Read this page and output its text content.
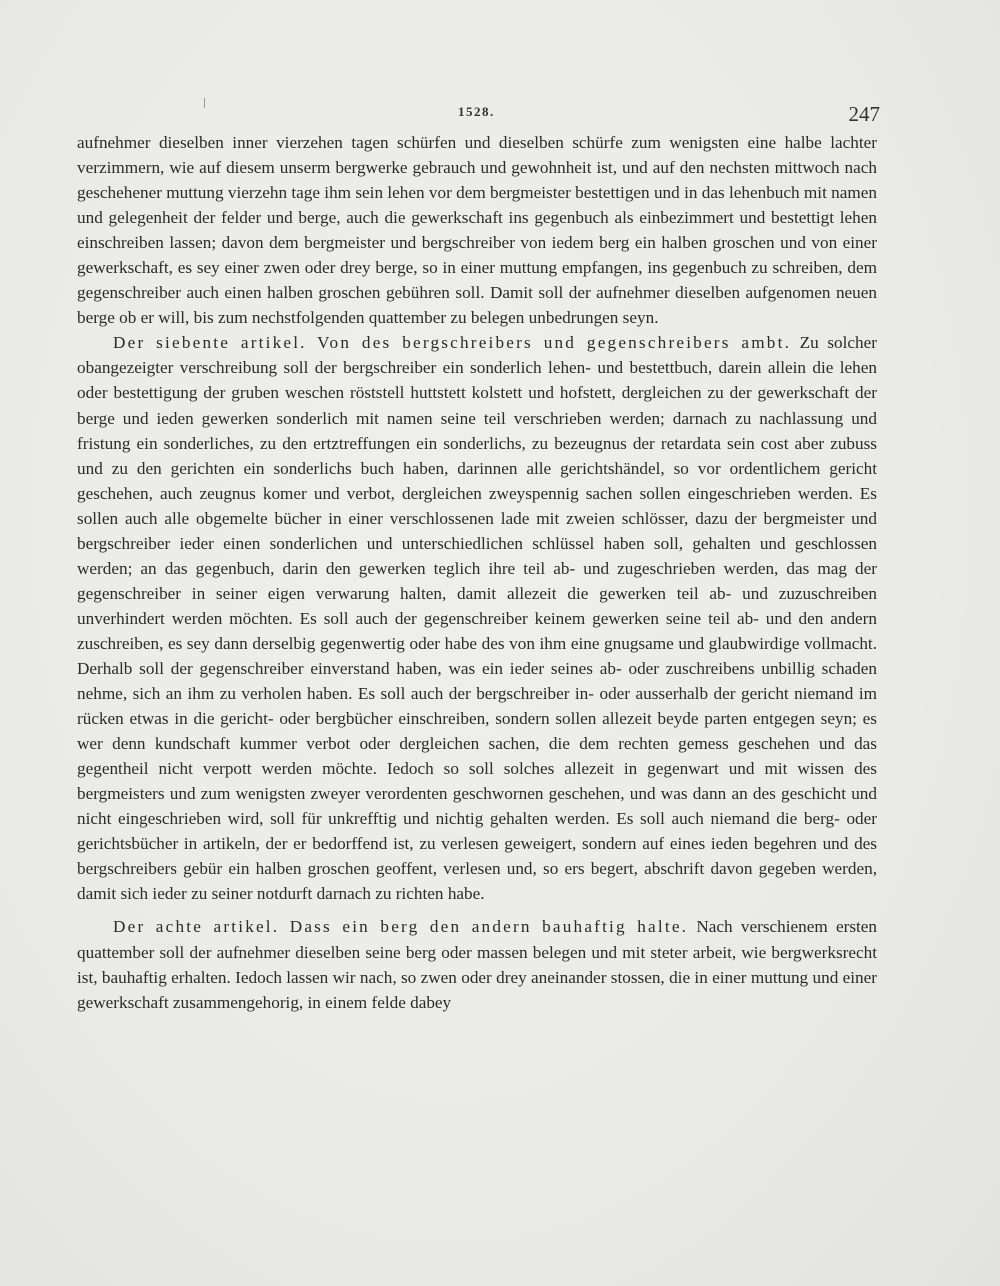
1528.	247

aufnehmer dieselben inner vierzehen tagen schürfen und dieselben schürfe zum wenigsten eine halbe lachter verzimmern, wie auf diesem unserm bergwerke gebrauch und gewohnheit ist, und auf den nechsten mittwoch nach geschehener muttung vierzehn tage ihm sein lehen vor dem bergmeister bestettigen und in das lehenbuch mit namen und gelegenheit der felder und berge, auch die gewerkschaft ins gegenbuch als einbezimmert und bestettigt lehen einschreiben lassen; davon dem bergmeister und bergschreiber von iedem berg ein halben groschen und von einer gewerkschaft, es sey einer zwen oder drey berge, so in einer muttung empfangen, ins gegenbuch zu schreiben, dem gegenschreiber auch einen halben groschen gebühren soll. Damit soll der aufnehmer dieselben aufgenomen neuen berge ob er will, bis zum nechstfolgenden quattember zu belegen unbedrungen seyn.

Der siebente artikel. Von des bergschreibers und gegenschreibers ambt. Zu solcher obangezeigter verschreibung soll der bergschreiber ein sonderlich lehen- und bestettbuch, darein allein die lehen oder bestettigung der gruben weschen röststell huttstett kolstett und hofstett, dergleichen zu der gewerkschaft der berge und ieden gewerken sonderlich mit namen seine teil verschrieben werden; darnach zu nachlassung und fristung ein sonderliches, zu den ertztreffungen ein sonderlichs, zu bezeugnus der retardata sein cost aber zubuss und zu den gerichten ein sonderlichs buch haben, darinnen alle gerichtshändel, so vor ordentlichem gericht geschehen, auch zeugnus komer und verbot, dergleichen zweyspennig sachen sollen eingeschrieben werden. Es sollen auch alle obgemelte bücher in einer verschlossenen lade mit zweien schlösser, dazu der bergmeister und bergschreiber ieder einen sonderlichen und unterschiedlichen schlüssel haben soll, gehalten und geschlossen werden; an das gegenbuch, darin den gewerken teglich ihre teil ab- und zugeschrieben werden, das mag der gegenschreiber in seiner eigen verwarung halten, damit allezeit die gewerken teil ab- und zuzuschreiben unverhindert werden möchten. Es soll auch der gegenschreiber keinem gewerken seine teil ab- und den andern zuschreiben, es sey dann derselbig gegenwertig oder habe des von ihm eine gnugsame und glaubwirdige vollmacht. Derhalb soll der gegenschreiber einverstand haben, was ein ieder seines ab- oder zuschreibens unbillig schaden nehme, sich an ihm zu verholen haben. Es soll auch der bergschreiber in- oder ausserhalb der gericht niemand im rücken etwas in die gericht- oder bergbücher einschreiben, sondern sollen allezeit beyde parten entgegen seyn; es wer denn kundschaft kummer verbot oder dergleichen sachen, die dem rechten gemess geschehen und das gegentheil nicht verpott werden möchte. Iedoch so soll solches allezeit in gegenwart und mit wissen des bergmeisters und zum wenigsten zweyer verordenten geschwornen geschehen, und was dann an des geschicht und nicht eingeschrieben wird, soll für unkrefftig und nichtig gehalten werden. Es soll auch niemand die berg- oder gerichtsbücher in artikeln, der er bedorffend ist, zu verlesen geweigert, sondern auf eines ieden begehren und des bergschreibers gebür ein halben groschen geoffent, verlesen und, so ers begert, abschrift davon gegeben werden, damit sich ieder zu seiner notdurft darnach zu richten habe.

Der achte artikel. Dass ein berg den andern bauhaftig halte. Nach verschienem ersten quattember soll der aufnehmer dieselben seine berg oder massen belegen und mit steter arbeit, wie bergwerksrecht ist, bauhaftig erhalten. Iedoch lassen wir nach, so zwen oder drey aneinander stossen, die in einer muttung und einer gewerkschaft zusammengehorig, in einem felde dabey
